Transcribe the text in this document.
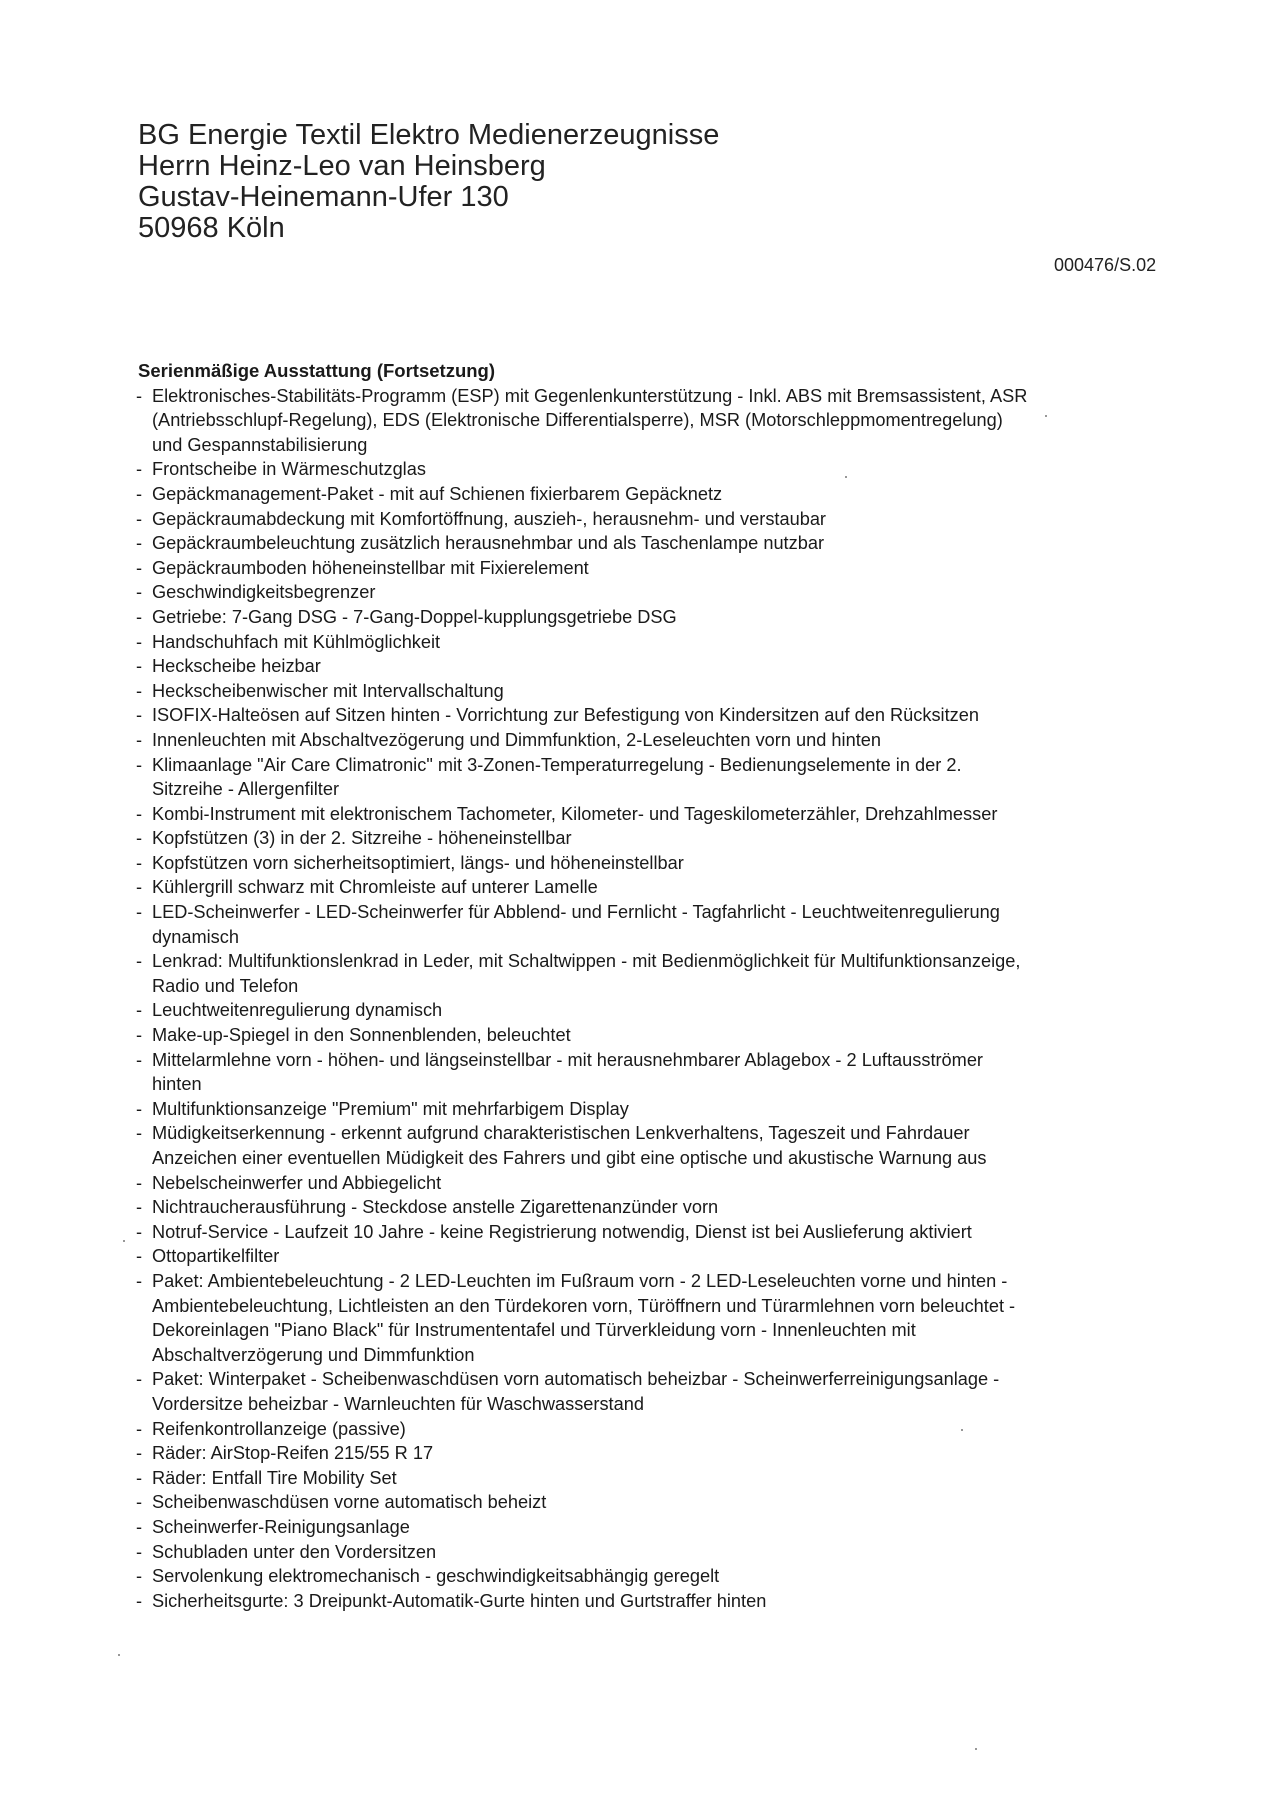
BG Energie Textil Elektro Medienerzeugnisse
Herrn Heinz-Leo van Heinsberg
Gustav-Heinemann-Ufer 130
50968 Köln
000476/S.02
Serienmäßige Ausstattung (Fortsetzung)
- Elektronisches-Stabilitäts-Programm (ESP) mit Gegenlenkunterstützung - Inkl. ABS mit Bremsassistent, ASR (Antriebsschlupf-Regelung), EDS (Elektronische Differentialsperre), MSR (Motorschleppmomentregelung) und Gespannstabilisierung
- Frontscheibe in Wärmeschutzglas
- Gepäckmanagement-Paket - mit auf Schienen fixierbarem Gepäcknetz
- Gepäckraumabdeckung mit Komfortöffnung, auszieh-, herausnehm- und verstaubar
- Gepäckraumbeleuchtung zusätzlich herausnehmbar und als Taschenlampe nutzbar
- Gepäckraumboden höheneinstellbar mit Fixierelement
- Geschwindigkeitsbegrenzer
- Getriebe: 7-Gang DSG - 7-Gang-Doppel-kupplungsgetriebe DSG
- Handschuhfach mit Kühlmöglichkeit
- Heckscheibe heizbar
- Heckscheibenwischer mit Intervallschaltung
- ISOFIX-Halteösen auf Sitzen hinten - Vorrichtung zur Befestigung von Kindersitzen auf den Rücksitzen
- Innenleuchten mit Abschaltvezögerung und Dimmfunktion, 2-Leseleuchten vorn und hinten
- Klimaanlage "Air Care Climatronic" mit 3-Zonen-Temperaturregelung - Bedienungselemente in der 2. Sitzreihe - Allergenfilter
- Kombi-Instrument mit elektronischem Tachometer, Kilometer- und Tageskilometerzähler, Drehzahlmesser
- Kopfstützen (3) in der 2. Sitzreihe - höheneinstellbar
- Kopfstützen vorn sicherheitsoptimiert, längs- und höheneinstellbar
- Kühlergrill schwarz mit Chromleiste auf unterer Lamelle
- LED-Scheinwerfer - LED-Scheinwerfer für Abblend- und Fernlicht - Tagfahrlicht - Leuchtweitenregulierung dynamisch
- Lenkrad: Multifunktionslenkrad in Leder, mit Schaltwippen - mit Bedienmöglichkeit für Multifunktionsanzeige, Radio und Telefon
- Leuchtweitenregulierung dynamisch
- Make-up-Spiegel in den Sonnenblenden, beleuchtet
- Mittelarmlehne vorn - höhen- und längseinstellbar - mit herausnehmbarer Ablagebox - 2 Luftausströmer hinten
- Multifunktionsanzeige "Premium" mit mehrfarbigem Display
- Müdigkeitserkennung - erkennt aufgrund charakteristischen Lenkverhaltens, Tageszeit und Fahrdauer Anzeichen einer eventuellen Müdigkeit des Fahrers und gibt eine optische und akustische Warnung aus
- Nebelscheinwerfer und Abbiegelicht
- Nichtraucherausführung - Steckdose anstelle Zigarettenanzünder vorn
- Notruf-Service - Laufzeit 10 Jahre - keine Registrierung notwendig, Dienst ist bei Auslieferung aktiviert
- Ottopartikelfilter
- Paket: Ambientebeleuchtung - 2 LED-Leuchten im Fußraum vorn - 2 LED-Leseleuchten vorne und hinten - Ambientebeleuchtung, Lichtleisten an den Türdekoren vorn, Türöffnern und Türarmlehnen vorn beleuchtet - Dekoreinlagen "Piano Black" für Instrumententafel und Türverkleidung vorn - Innenleuchten mit Abschaltverzögerung und Dimmfunktion
- Paket: Winterpaket - Scheibenwaschdüsen vorn automatisch beheizbar - Scheinwerferreinigungsanlage - Vordersitze beheizbar - Warnleuchten für Waschwasserstand
- Reifenkontrollanzeige (passive)
- Räder: AirStop-Reifen 215/55 R 17
- Räder: Entfall Tire Mobility Set
- Scheibenwaschdüsen vorne automatisch beheizt
- Scheinwerfer-Reinigungsanlage
- Schubladen unter den Vordersitzen
- Servolenkung elektromechanisch - geschwindigkeitsabhängig geregelt
- Sicherheitsgurte: 3 Dreipunkt-Automatik-Gurte hinten und Gurtstraffer hinten
